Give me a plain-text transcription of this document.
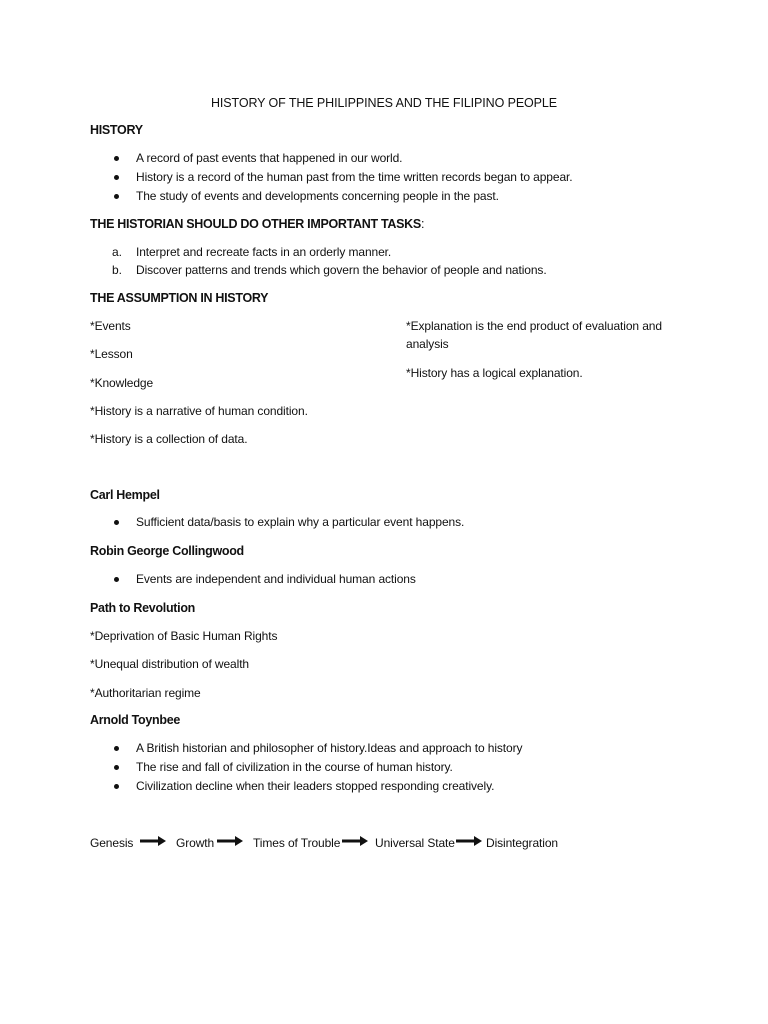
HISTORY OF THE PHILIPPINES AND THE FILIPINO PEOPLE
HISTORY
A record of past events that happened in our world.
History is a record of the human past from the time written records began to appear.
The study of events and developments concerning people in the past.
THE HISTORIAN SHOULD DO OTHER IMPORTANT TASKS:
a. Interpret and recreate facts in an orderly manner.
b. Discover patterns and trends which govern the behavior of people and nations.
THE ASSUMPTION IN HISTORY
*Events
*Lesson
*Knowledge
*History is a narrative of human condition.
*History is a collection of data.
*Explanation is the end product of evaluation and analysis
*History has a logical explanation.
Carl Hempel
Sufficient data/basis to explain why a particular event happens.
Robin George Collingwood
Events are independent and individual human actions
Path to Revolution
*Deprivation of Basic Human Rights
*Unequal distribution of wealth
*Authoritarian regime
Arnold Toynbee
A British historian and philosopher of history.Ideas and approach to history
The rise and fall of civilization in the course of human history.
Civilization decline when their leaders stopped responding creatively.
Genesis	Growth	Times of Trouble	Universal State	Disintegration
